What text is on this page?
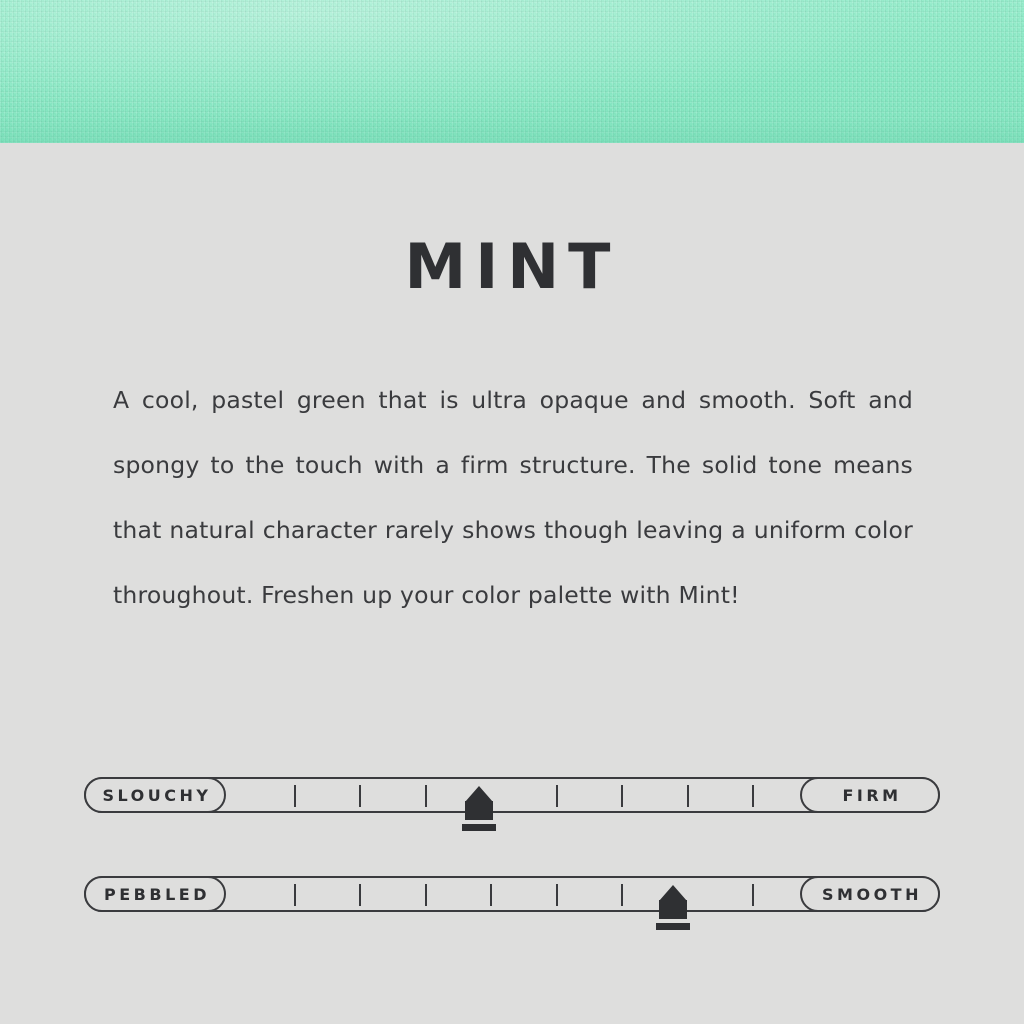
MINT
A cool, pastel green that is ultra opaque and smooth. Soft and spongy to the touch with a firm structure. The solid tone means that natural character rarely shows though leaving a uniform color throughout. Freshen up your color palette with Mint!
SLOUCHY	FIRM
PEBBLED	SMOOTH
